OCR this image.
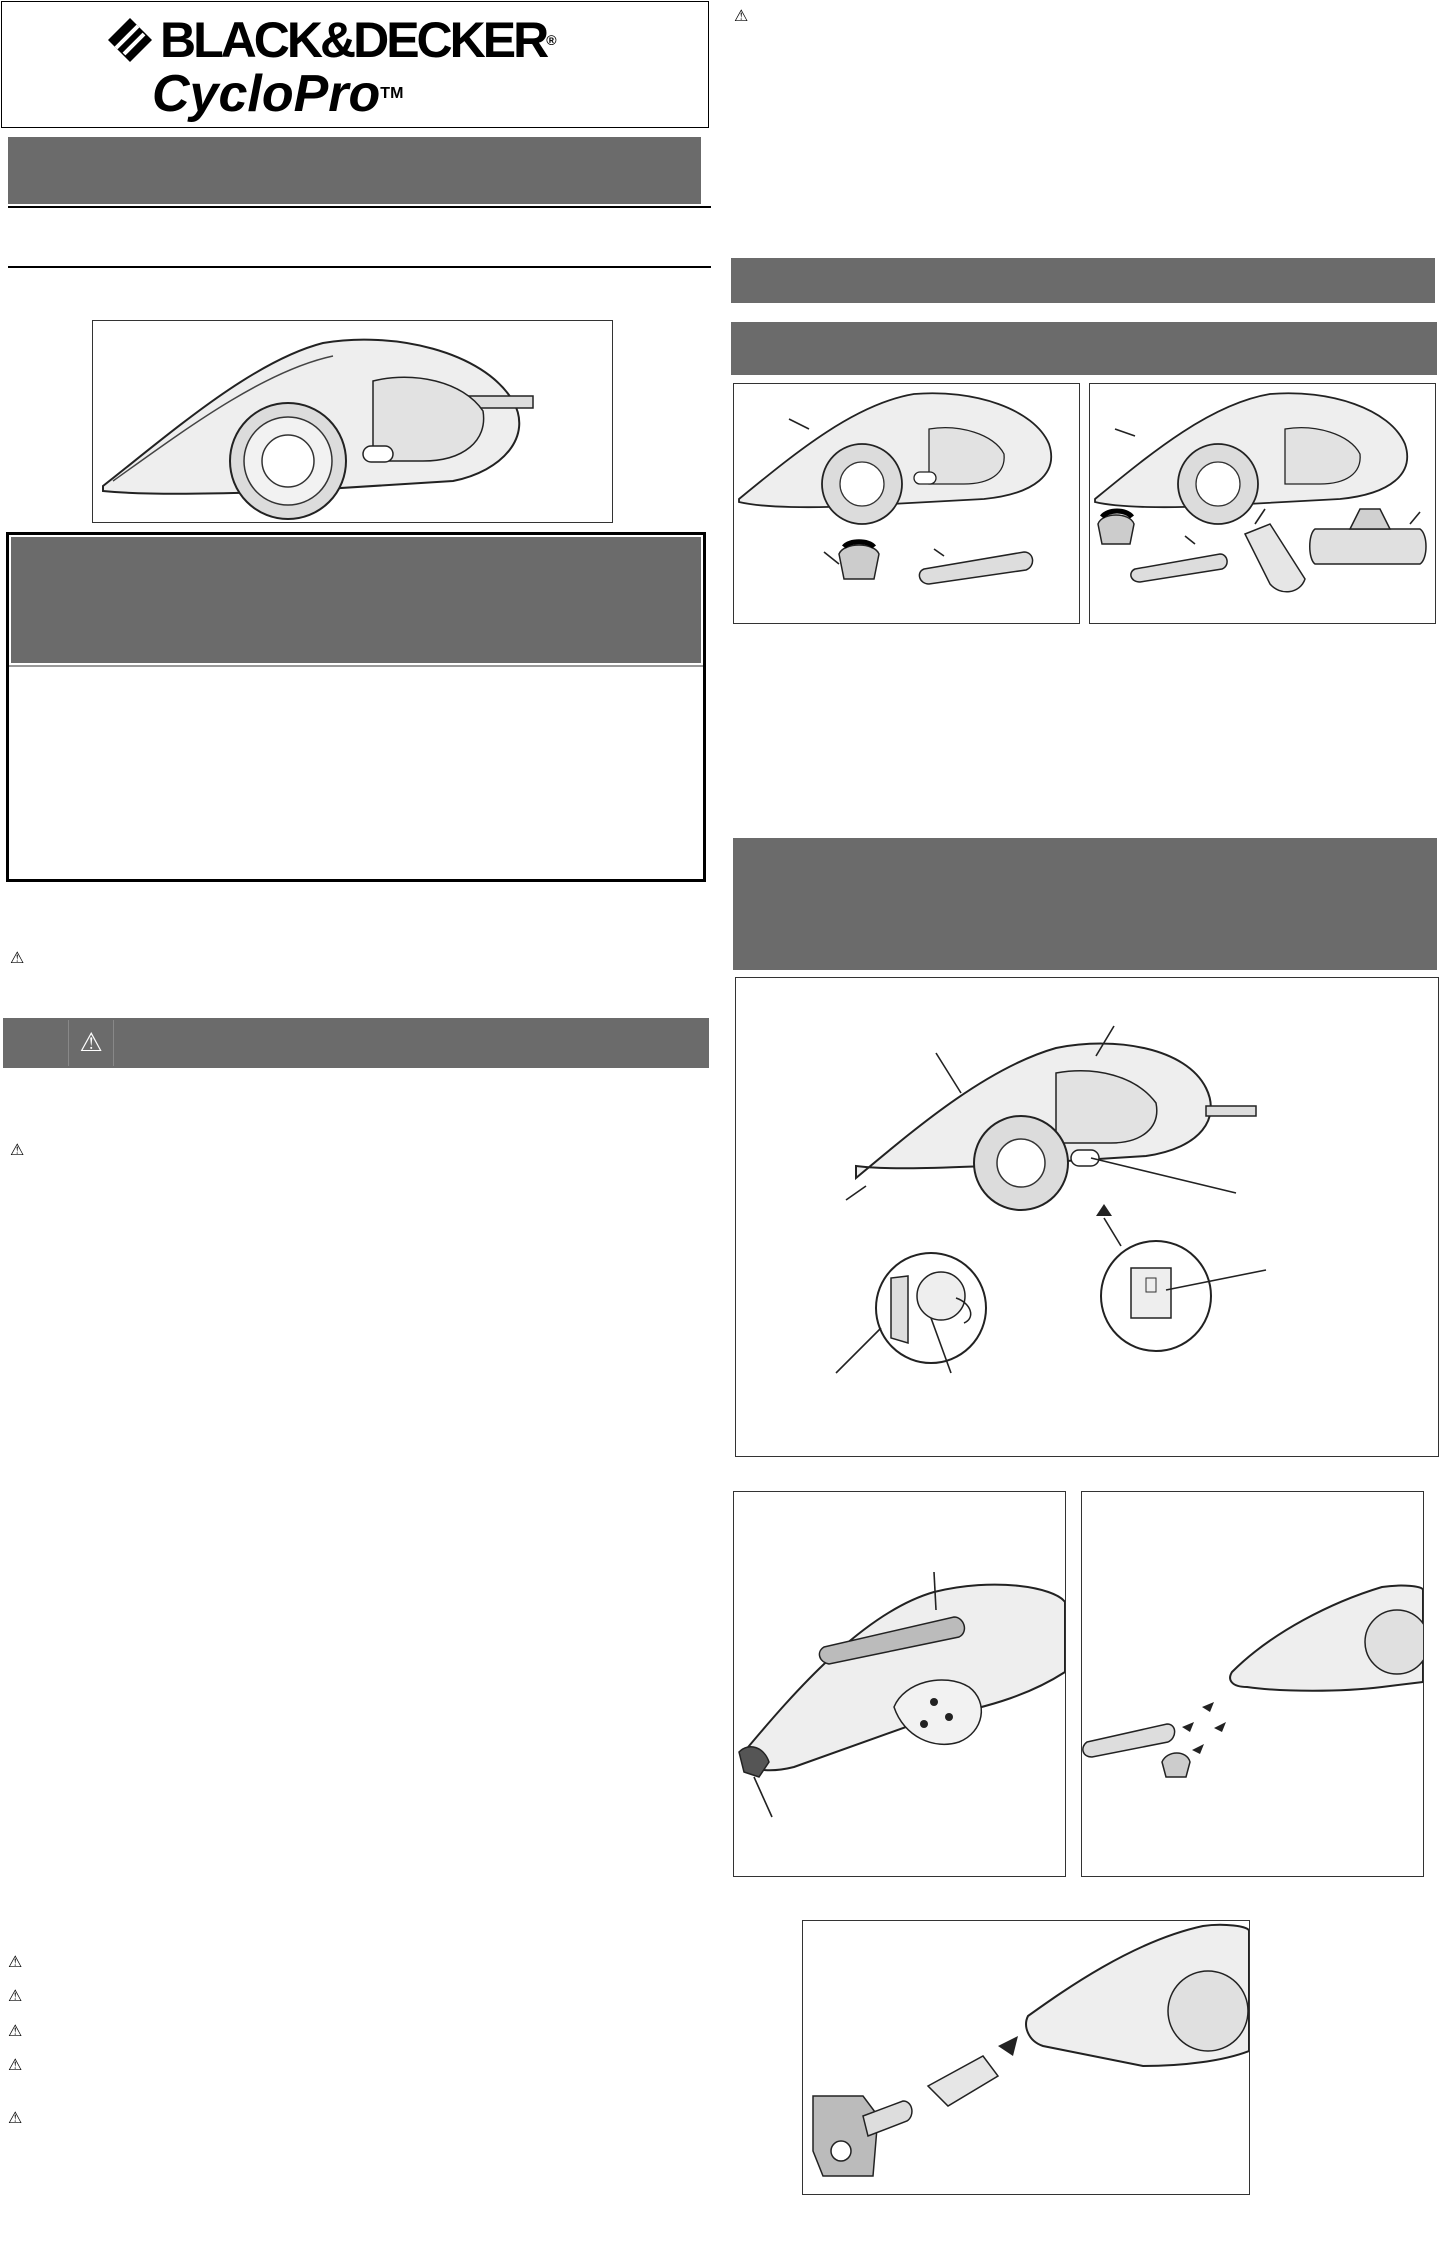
BLACK&DECKER®
CycloPro™
⚠
⚠
⚠
⚠
⚠
⚠
⚠
⚠
⚠
